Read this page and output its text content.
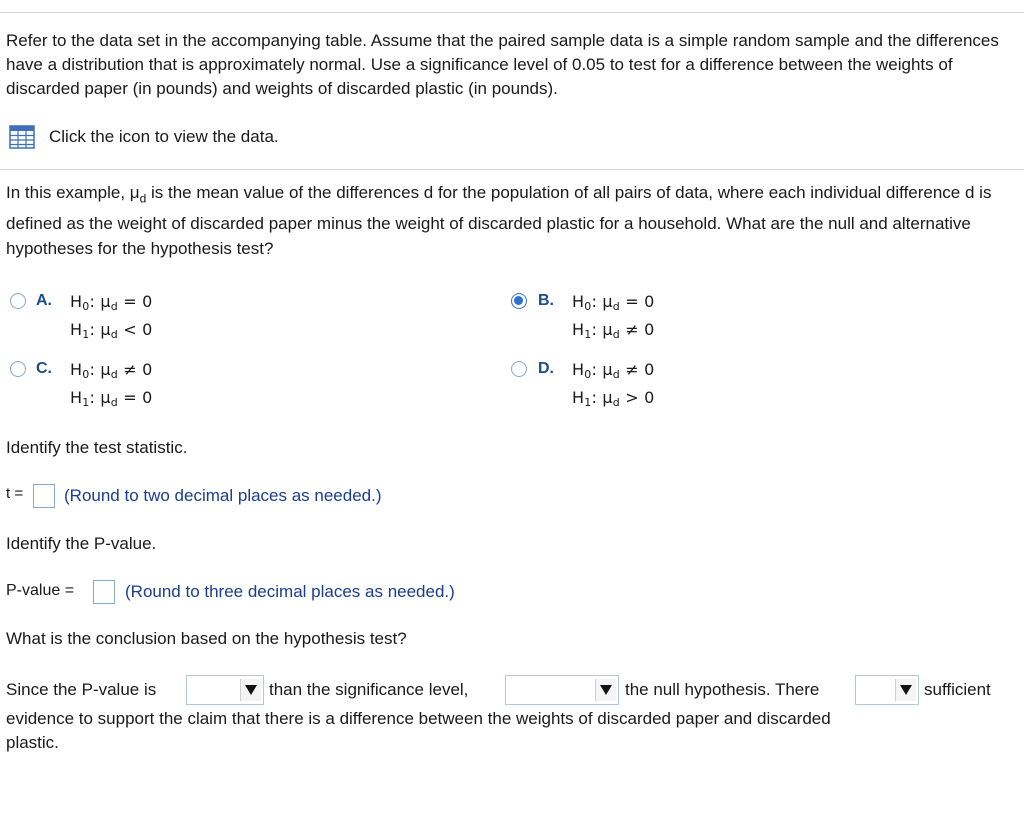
Refer to the data set in the accompanying table. Assume that the paired sample data is a simple random sample and the differences have a distribution that is approximately normal. Use a significance level of 0.05 to test for a difference between the weights of discarded paper (in pounds) and weights of discarded plastic (in pounds).

Click the icon to view the data.

In this example, $\mu_d$ is the mean value of the differences d for the population of all pairs of data, where each individual difference d is defined as the weight of discarded paper minus the weight of discarded plastic for a household. What are the null and alternative hypotheses for the hypothesis test?

A. $H_0$: $\mu_d = 0$
$H_1$: $\mu_d < 0$
B. $H_0$: $\mu_d = 0$
$H_1$: $\mu_d \ne 0$
C. $H_0$: $\mu_d \ne 0$
$H_1$: $\mu_d = 0$
D. $H_0$: $\mu_d \ne 0$
$H_1$: $\mu_d > 0$
Identify the test statistic.
t = (Round to two decimal places as needed.)
Identify the P-value.
P-value =	(Round to three decimal places as needed.)
What is the conclusion based on the hypothesis test?
Since the P-value is	than the significance level,	the null hypothesis. There	sufficient
evidence to support the claim that there is a difference between the weights of discarded paper and discarded
plastic.
